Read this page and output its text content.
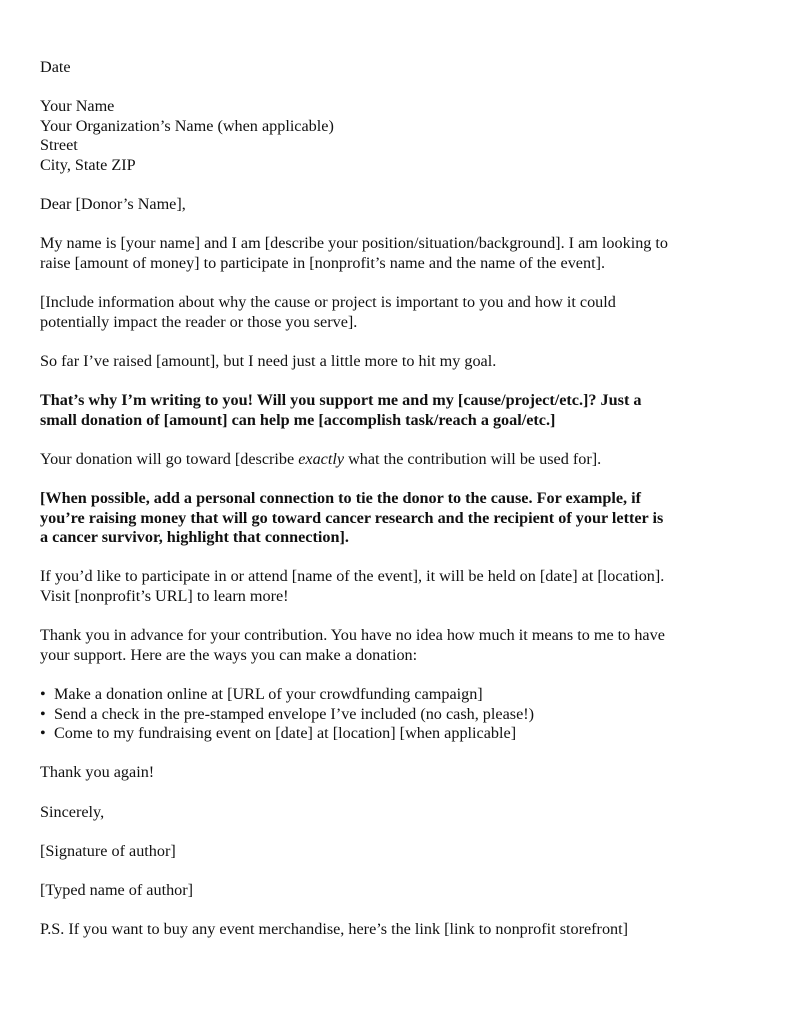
Date
Your Name
Your Organization’s Name (when applicable)
Street
City, State ZIP
Dear [Donor’s Name],
My name is [your name] and I am [describe your position/situation/background]. I am looking to
raise [amount of money] to participate in [nonprofit’s name and the name of the event].
[Include information about why the cause or project is important to you and how it could
potentially impact the reader or those you serve].
So far I’ve raised [amount], but I need just a little more to hit my goal.
That’s why I’m writing to you! Will you support me and my [cause/project/etc.]? Just a
small donation of [amount] can help me [accomplish task/reach a goal/etc.]
Your donation will go toward [describe exactly what the contribution will be used for].
[When possible, add a personal connection to tie the donor to the cause. For example, if
you’re raising money that will go toward cancer research and the recipient of your letter is
a cancer survivor, highlight that connection].
If you’d like to participate in or attend [name of the event], it will be held on [date] at [location].
Visit [nonprofit’s URL] to learn more!
Thank you in advance for your contribution. You have no idea how much it means to me to have
your support. Here are the ways you can make a donation:
• Make a donation online at [URL of your crowdfunding campaign]
• Send a check in the pre-stamped envelope I’ve included (no cash, please!)
• Come to my fundraising event on [date] at [location] [when applicable]
Thank you again!
Sincerely,
[Signature of author]
[Typed name of author]
P.S. If you want to buy any event merchandise, here’s the link [link to nonprofit storefront]
